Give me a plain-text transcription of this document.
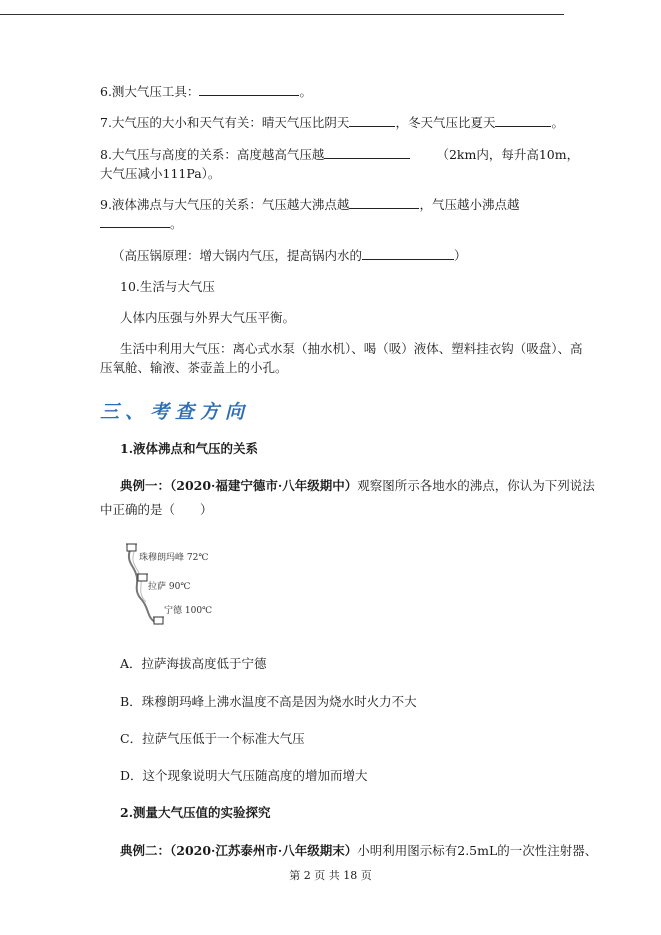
6.测大气压工具：	。
7.大气压的大小和天气有关：晴天气压比阴天	，冬天气压比夏天	。
8.大气压与高度的关系：高度越高气压越	（2km内，每升高10m，
大气压减小111Pa）。
9.液体沸点与大气压的关系：气压越大沸点越	，气压越小沸点越
。
（高压锅原理：增大锅内气压，提高锅内水的	）
10.生活与大气压
人体内压强与外界大气压平衡。
生活中利用大气压：离心式水泵（抽水机）、喝（吸）液体、塑料挂衣钩（吸盘）、高
压氧舱、输液、茶壶盖上的小孔。
三、考查方向
1.液体沸点和气压的关系
典例一：（2020·福建宁德市·八年级期中）观察图所示各地水的沸点，你认为下列说法
中正确的是（　　）
珠穆朗玛峰 72℃
拉萨 90℃
宁德 100℃
A．拉萨海拔高度低于宁德
B．珠穆朗玛峰上沸水温度不高是因为烧水时火力不大
C．拉萨气压低于一个标准大气压
D．这个现象说明大气压随高度的增加而增大
2.测量大气压值的实验探究
典例二：（2020·江苏泰州市·八年级期末）小明利用图示标有2.5mL的一次性注射器、
第 2 页 共 18 页
